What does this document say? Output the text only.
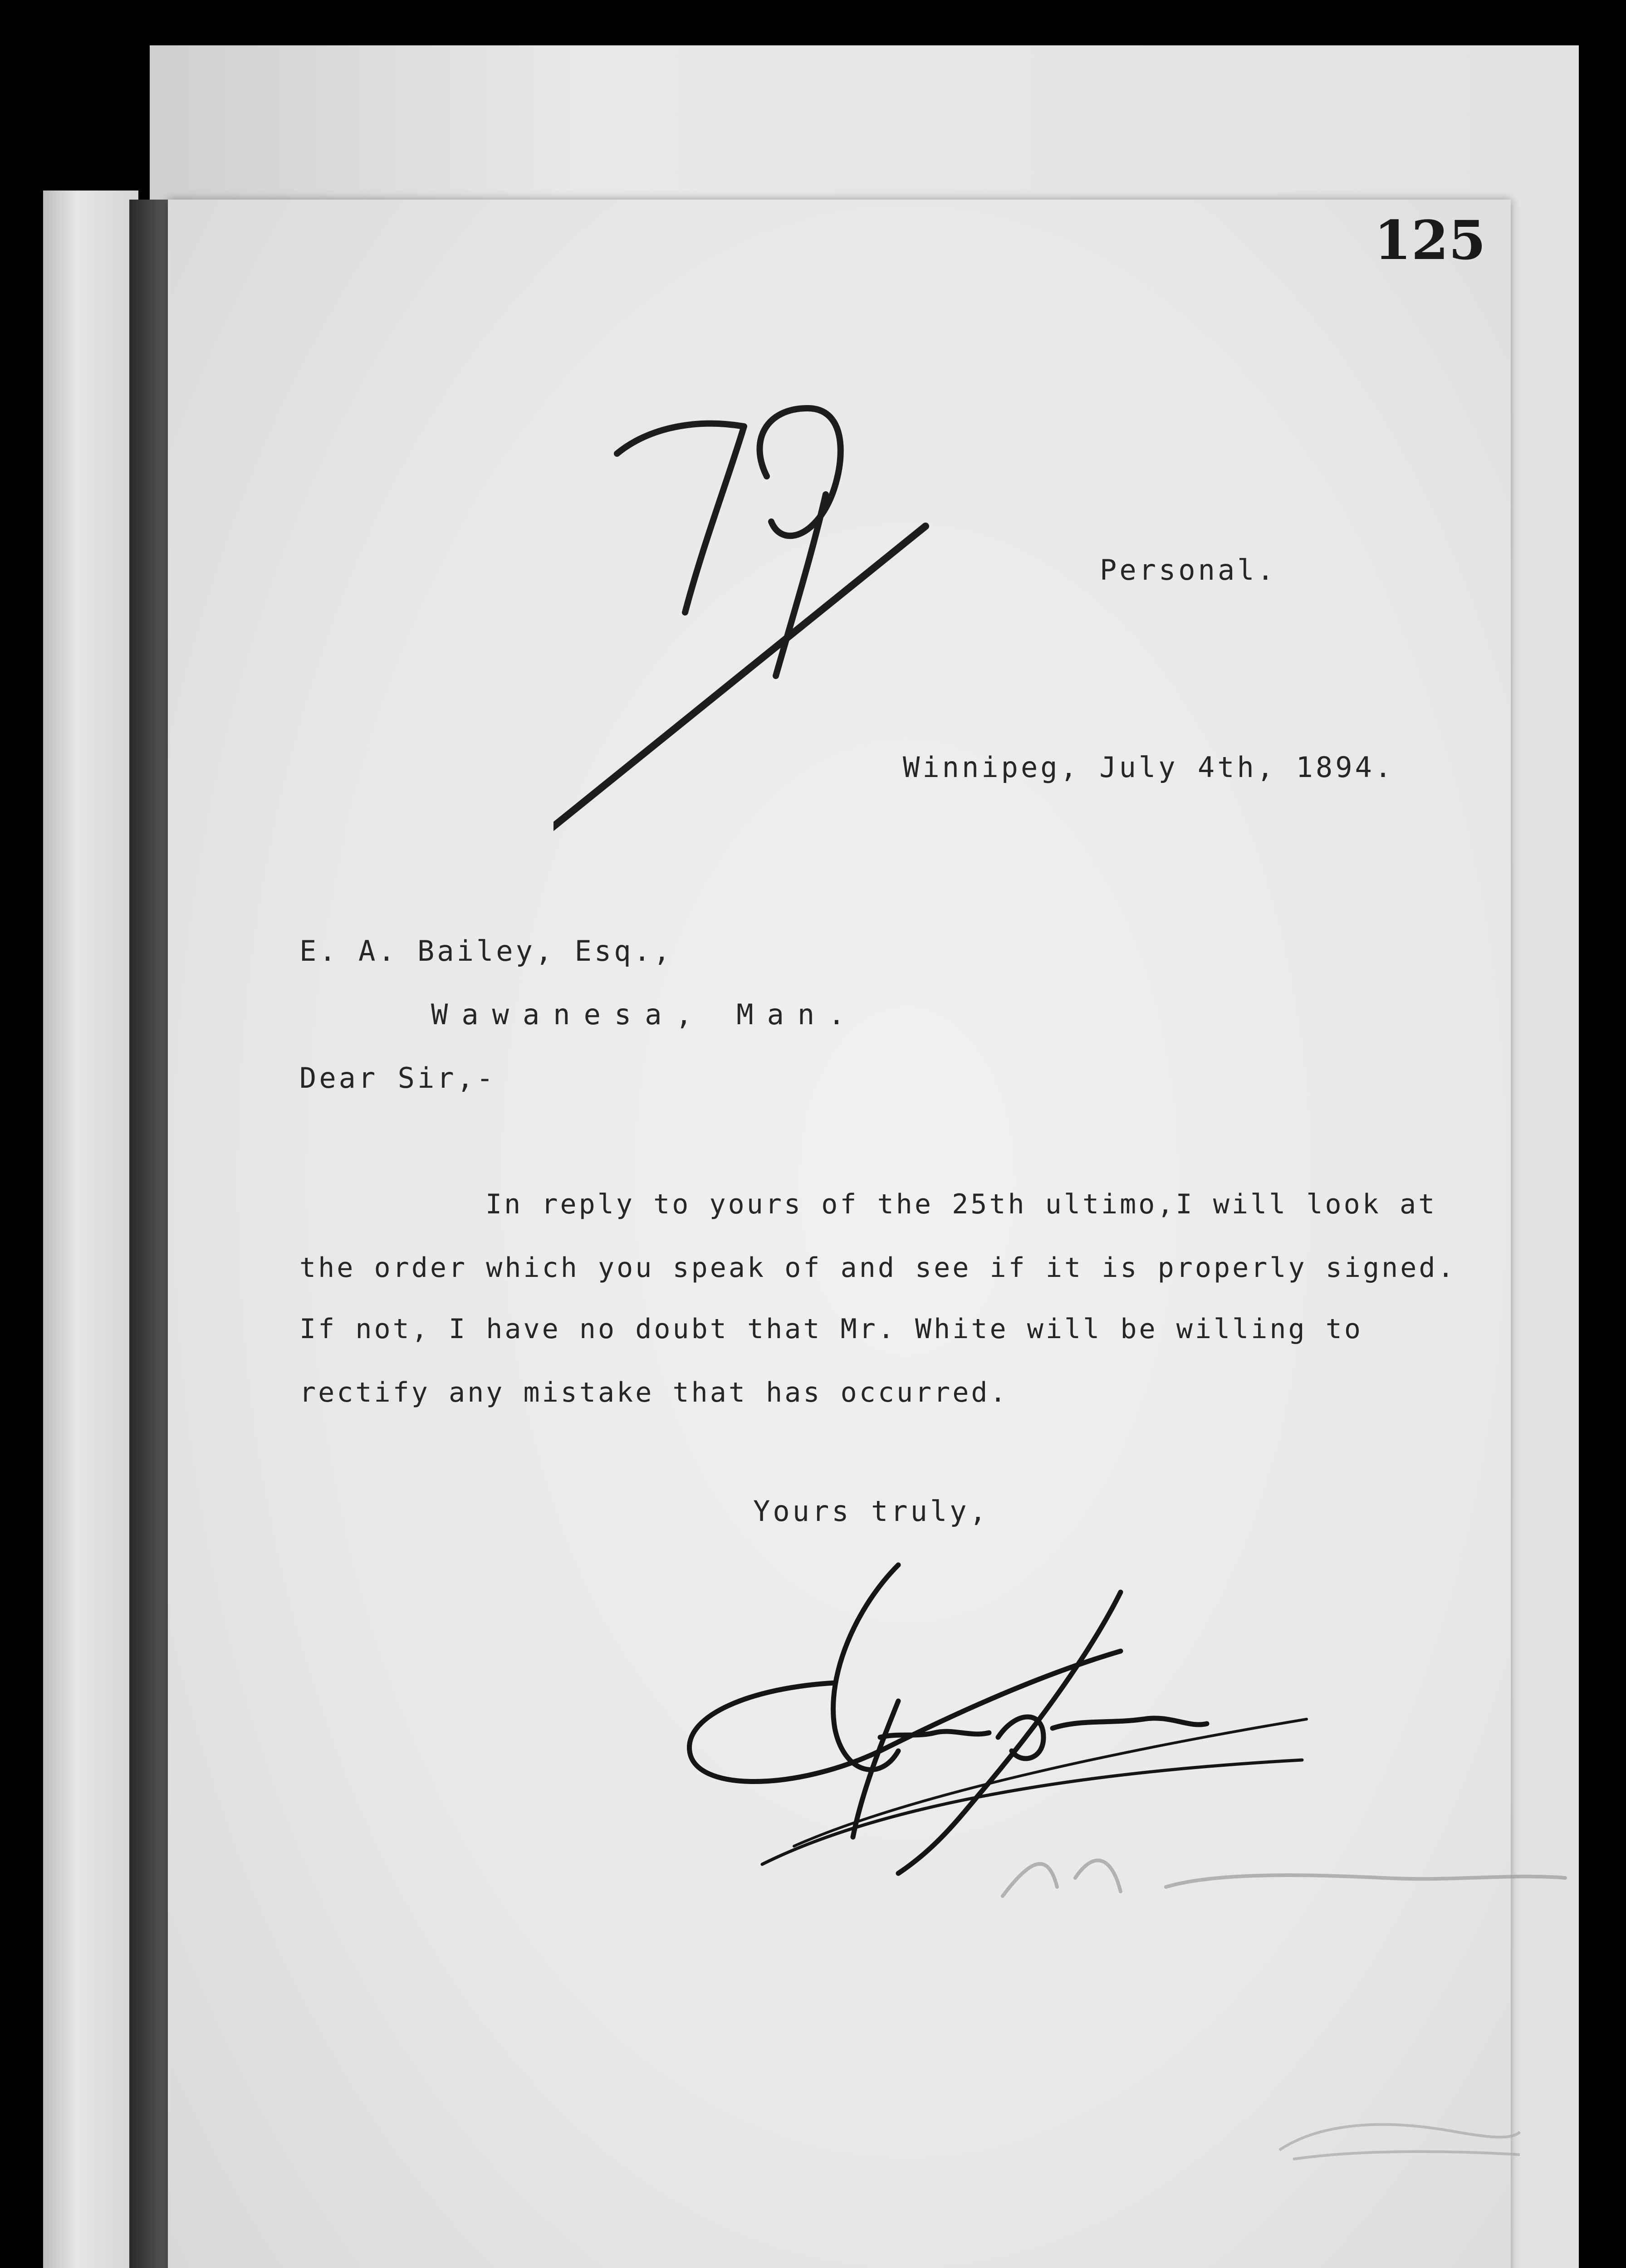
125
Personal.
Winnipeg, July 4th, 1894.
E. A. Bailey, Esq.,
Wawanesa, Man.
Dear Sir,-
In reply to yours of the 25th ultimo,I will look at
the order which you speak of and see if it is properly signed.
If not, I have no doubt that Mr. White will be willing to
rectify any mistake that has occurred.
Yours truly,
